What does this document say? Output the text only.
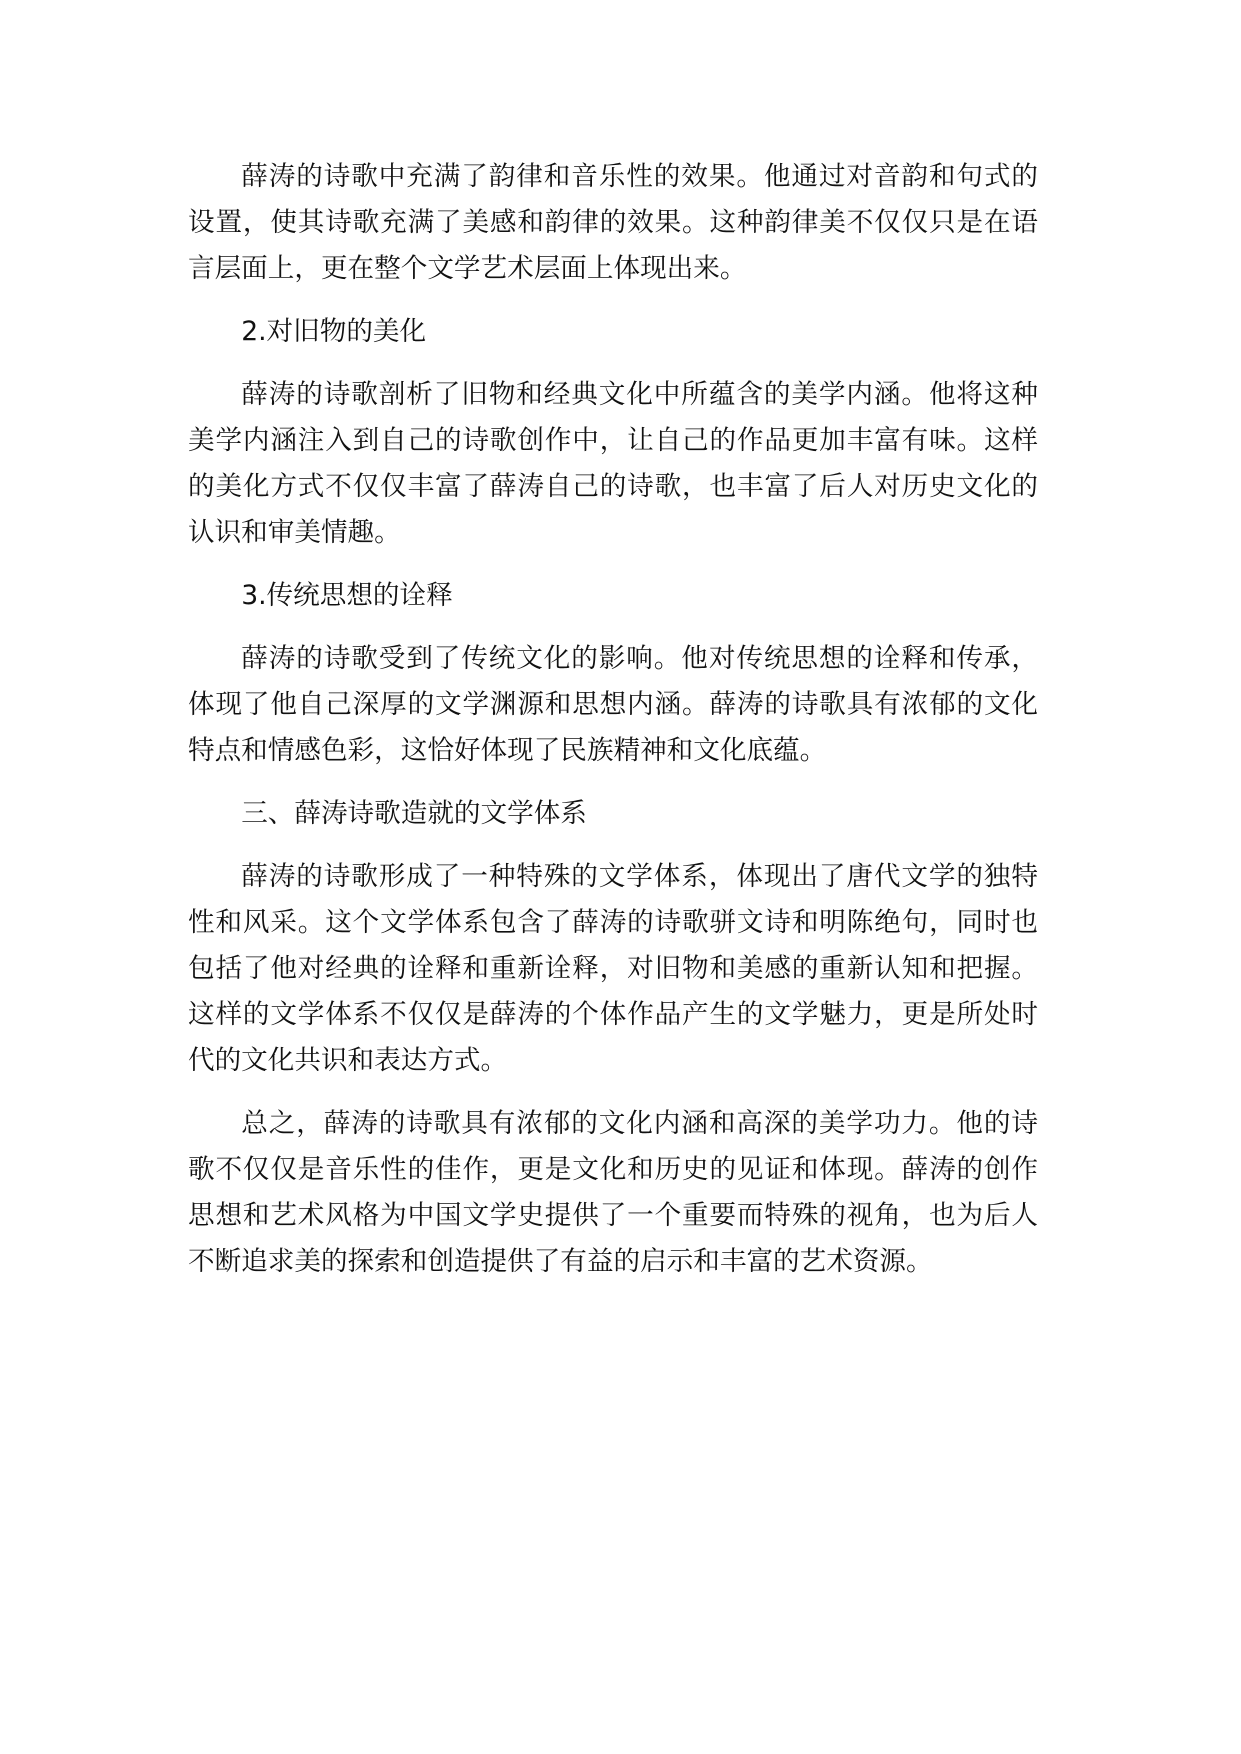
薛涛的诗歌中充满了韵律和音乐性的效果。他通过对音韵和句式的设置，使其诗歌充满了美感和韵律的效果。这种韵律美不仅仅只是在语言层面上，更在整个文学艺术层面上体现出来。

2.对旧物的美化

薛涛的诗歌剖析了旧物和经典文化中所蕴含的美学内涵。他将这种美学内涵注入到自己的诗歌创作中，让自己的作品更加丰富有味。这样的美化方式不仅仅丰富了薛涛自己的诗歌，也丰富了后人对历史文化的认识和审美情趣。

3.传统思想的诠释

薛涛的诗歌受到了传统文化的影响。他对传统思想的诠释和传承，体现了他自己深厚的文学渊源和思想内涵。薛涛的诗歌具有浓郁的文化特点和情感色彩，这恰好体现了民族精神和文化底蕴。

三、薛涛诗歌造就的文学体系

薛涛的诗歌形成了一种特殊的文学体系，体现出了唐代文学的独特性和风采。这个文学体系包含了薛涛的诗歌骈文诗和明陈绝句，同时也包括了他对经典的诠释和重新诠释，对旧物和美感的重新认知和把握。这样的文学体系不仅仅是薛涛的个体作品产生的文学魅力，更是所处时代的文化共识和表达方式。

总之，薛涛的诗歌具有浓郁的文化内涵和高深的美学功力。他的诗歌不仅仅是音乐性的佳作，更是文化和历史的见证和体现。薛涛的创作思想和艺术风格为中国文学史提供了一个重要而特殊的视角，也为后人不断追求美的探索和创造提供了有益的启示和丰富的艺术资源。
